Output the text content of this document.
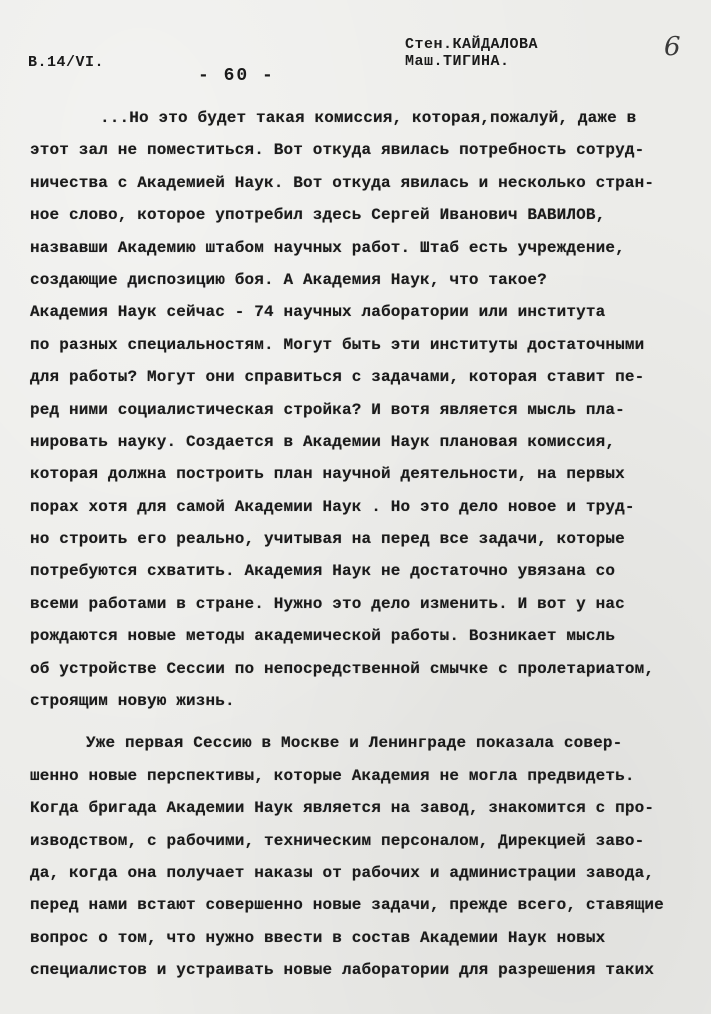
В.14/VI.
Стен.КАЙДАЛОВА
Маш.ТИГИНА.	6
- 60 -
...Но это будет такая комиссия, которая,пожалуй, даже в
этот зал не поместиться. Вот откуда явилась потребность сотруд-
ничества с Академией Наук. Вот откуда явилась и несколько стран-
ное слово, которое употребил здесь Сергей Иванович ВАВИЛОВ,
назвавши Академию штабом научных работ. Штаб есть учреждение,
создающие диспозицию боя. А Академия Наук, что такое?
Академия Наук сейчас - 74 научных лаборатории или института
по разных специальностям. Могут быть эти институты достаточными
для работы? Могут они справиться с задачами, которая ставит пе-
ред ними социалистическая стройка? И вотя является мысль пла-
нировать науку. Создается в Академии Наук плановая комиссия,
которая должна построить план научной деятельности, на первых
порах хотя для самой Академии Наук . Но это дело новое и труд-
но строить его реально, учитывая на перед все задачи, которые
потребуются схватить. Академия Наук не достаточно увязана со
всеми работами в стране. Нужно это дело изменить. И вот у нас
рождаются новые методы академической работы. Возникает мысль
об устройстве Сессии по непосредственной смычке с пролетариатом,
строящим новую жизнь.
Уже первая Сессию в Москве и Ленинграде показала совер-
шенно новые перспективы, которые Академия не могла предвидеть.
Когда бригада Академии Наук является на завод, знакомится с про-
изводством, с рабочими, техническим персоналом, Дирекцией заво-
да, когда она получает наказы от рабочих и администрации завода,
перед нами встают совершенно новые задачи, прежде всего, ставящие
вопрос о том, что нужно ввести в состав Академии Наук новых
специалистов и устраивать новые лаборатории для разрешения таких
